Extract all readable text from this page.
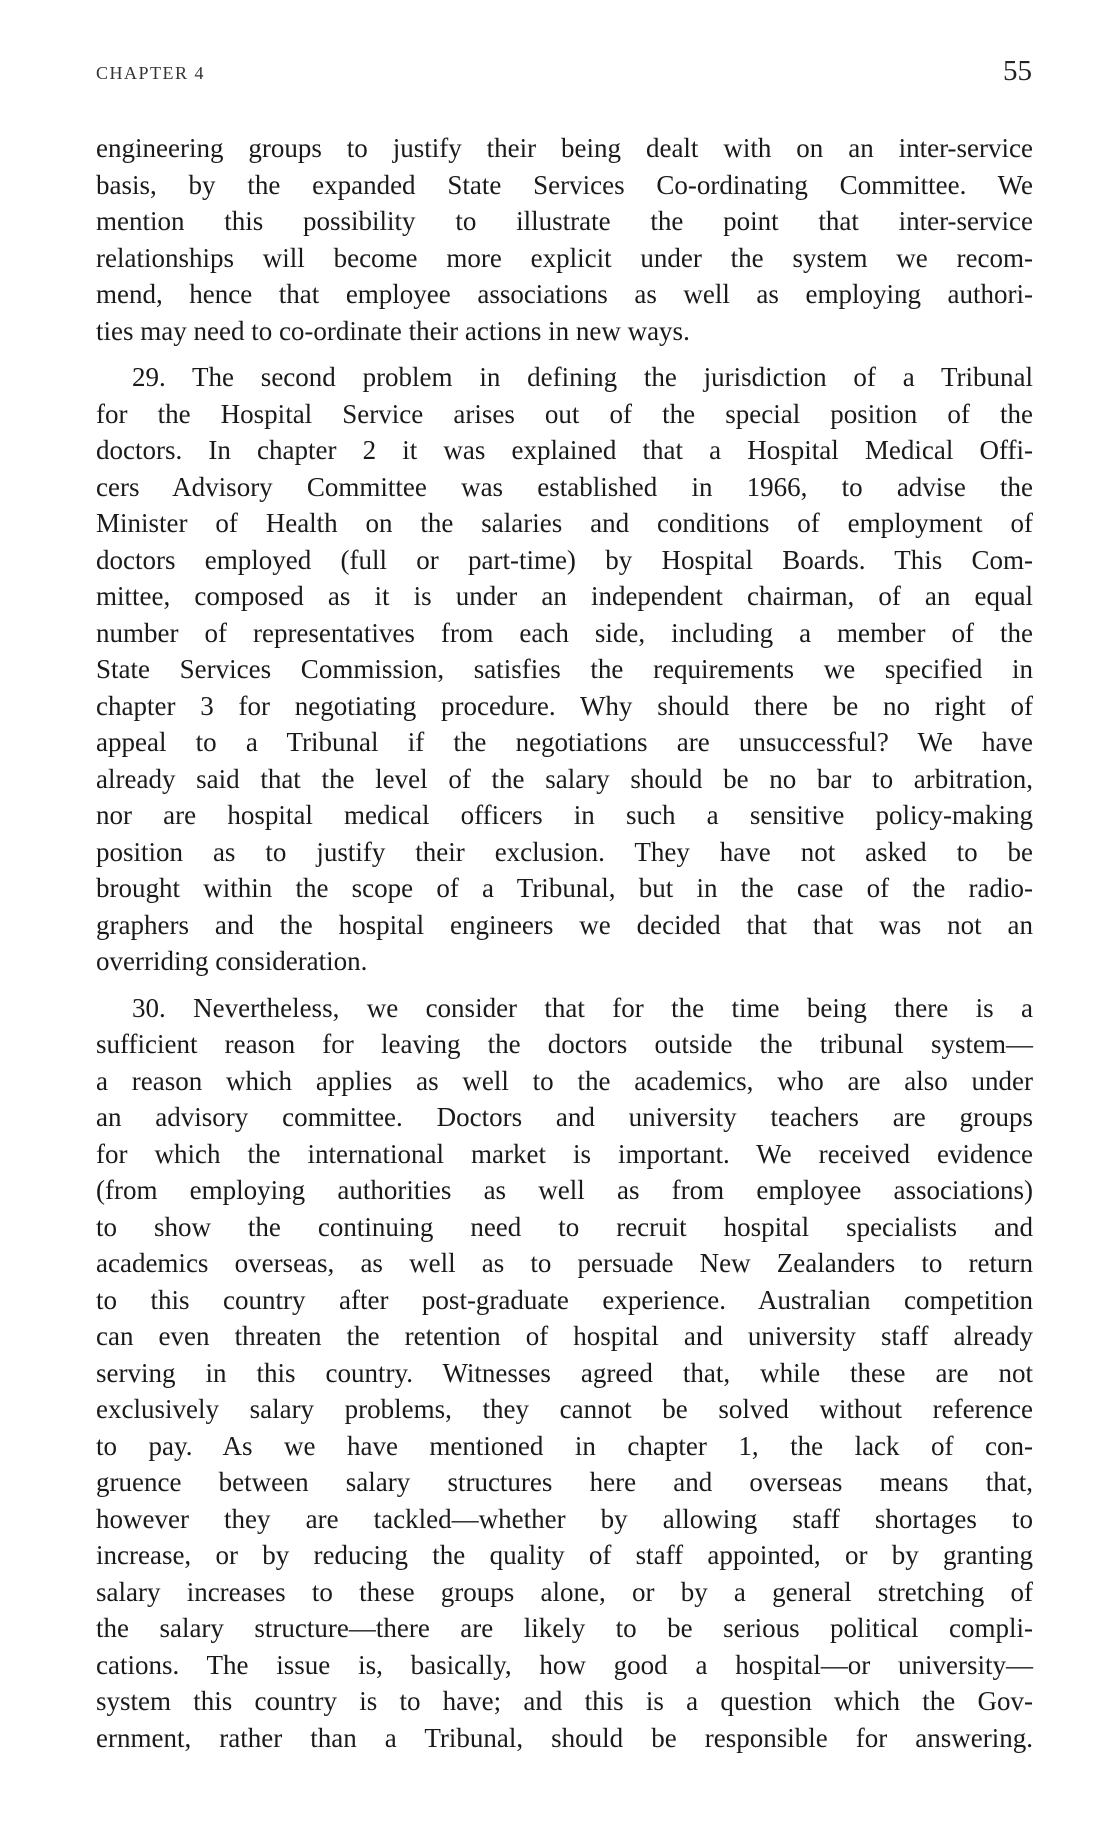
CHAPTER 4	55
engineering groups to justify their being dealt with on an inter-service
basis, by the expanded State Services Co-ordinating Committee. We
mention this possibility to illustrate the point that inter-service
relationships will become more explicit under the system we recom-
mend, hence that employee associations as well as employing authori-
ties may need to co-ordinate their actions in new ways.
29. The second problem in defining the jurisdiction of a Tribunal
for the Hospital Service arises out of the special position of the
doctors. In chapter 2 it was explained that a Hospital Medical Offi-
cers Advisory Committee was established in 1966, to advise the
Minister of Health on the salaries and conditions of employment of
doctors employed (full or part-time) by Hospital Boards. This Com-
mittee, composed as it is under an independent chairman, of an equal
number of representatives from each side, including a member of the
State Services Commission, satisfies the requirements we specified in
chapter 3 for negotiating procedure. Why should there be no right of
appeal to a Tribunal if the negotiations are unsuccessful? We have
already said that the level of the salary should be no bar to arbitration,
nor are hospital medical officers in such a sensitive policy-making
position as to justify their exclusion. They have not asked to be
brought within the scope of a Tribunal, but in the case of the radio-
graphers and the hospital engineers we decided that that was not an
overriding consideration.
30. Nevertheless, we consider that for the time being there is a
sufficient reason for leaving the doctors outside the tribunal system—
a reason which applies as well to the academics, who are also under
an advisory committee. Doctors and university teachers are groups
for which the international market is important. We received evidence
(from employing authorities as well as from employee associations)
to show the continuing need to recruit hospital specialists and
academics overseas, as well as to persuade New Zealanders to return
to this country after post-graduate experience. Australian competition
can even threaten the retention of hospital and university staff already
serving in this country. Witnesses agreed that, while these are not
exclusively salary problems, they cannot be solved without reference
to pay. As we have mentioned in chapter 1, the lack of con-
gruence between salary structures here and overseas means that,
however they are tackled—whether by allowing staff shortages to
increase, or by reducing the quality of staff appointed, or by granting
salary increases to these groups alone, or by a general stretching of
the salary structure—there are likely to be serious political compli-
cations. The issue is, basically, how good a hospital—or university—
system this country is to have; and this is a question which the Gov-
ernment, rather than a Tribunal, should be responsible for answering.
